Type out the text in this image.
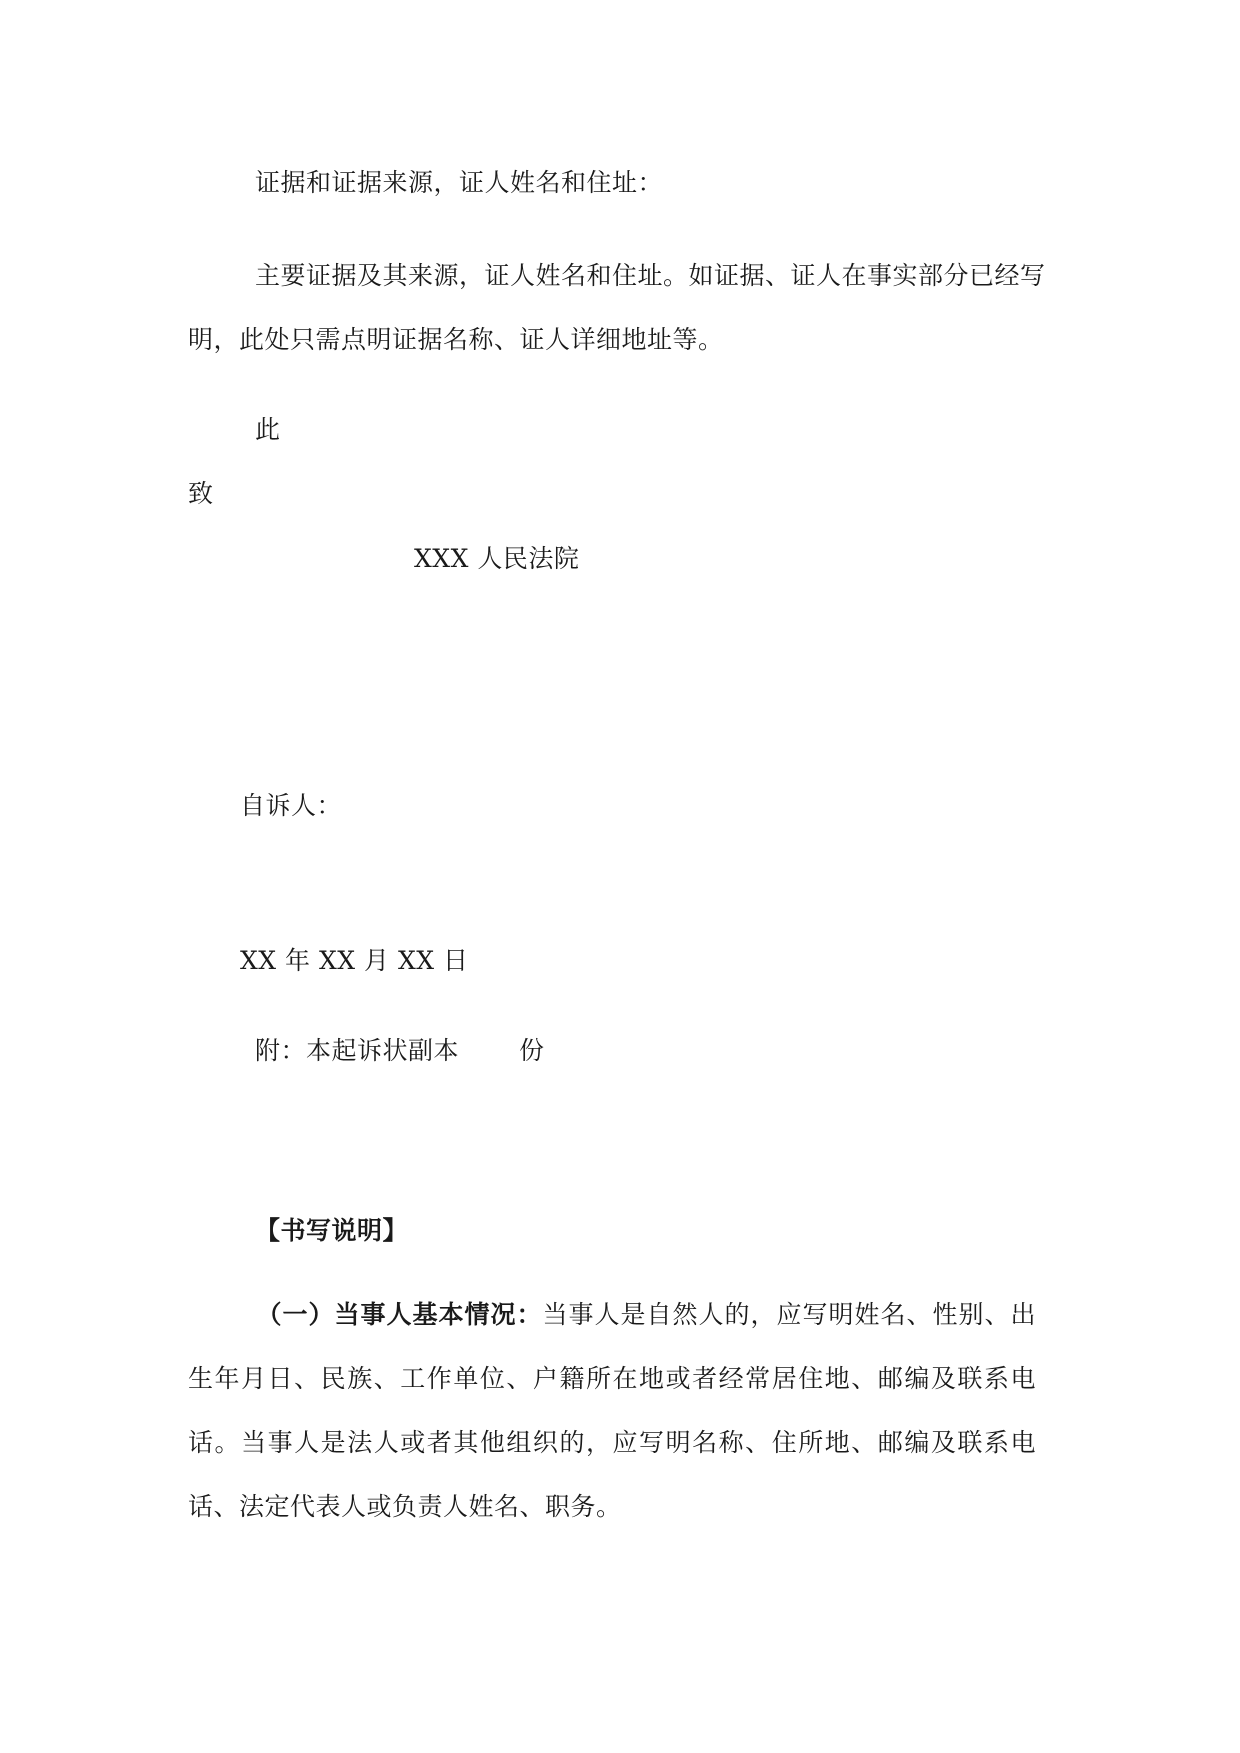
证据和证据来源，证人姓名和住址：
主要证据及其来源，证人姓名和住址。如证据、证人在事实部分已经写
明，此处只需点明证据名称、证人详细地址等。
此
致
XXX 人民法院
自诉人：
XX 年 XX 月 XX 日
附：本起诉状副本 份
【书写说明】

（一）当事人基本情况：当事人是自然人的，应写明姓名、性别、出生年月日、民族、工作单位、户籍所在地或者经常居住地、邮编及联系电话。当事人是法人或者其他组织的，应写明名称、住所地、邮编及联系电话、法定代表人或负责人姓名、职务。
